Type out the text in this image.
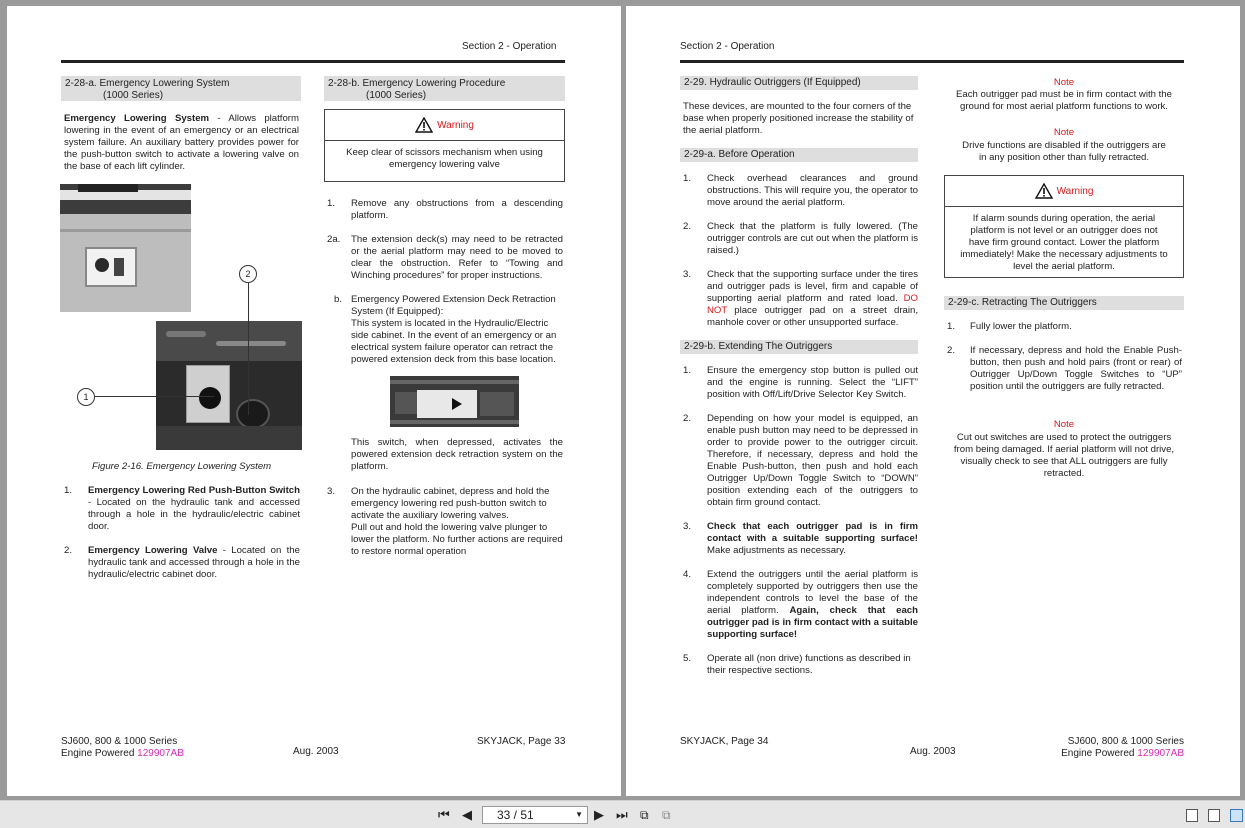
Section 2 - Operation
2-28-a. Emergency Lowering System
(1000 Series)
Emergency Lowering System - Allows platform lowering in the event of an emergency or an electrical system failure. An auxiliary battery provides power for the push-button switch to activate a lowering valve on the base of each lift cylinder.
2
1
Figure 2-16. Emergency Lowering System
1. Emergency Lowering Red Push-Button Switch - Located on the hydraulic tank and accessed through a hole in the hydraulic/electric cabinet door.
2. Emergency Lowering Valve - Located on the hydraulic tank and accessed through a hole in the hydraulic/electric cabinet door.
2-28-b. Emergency Lowering Procedure
(1000 Series)
Warning
Keep clear of scissors mechanism when using emergency lowering valve
1. Remove any obstructions from a descending platform.
2a. The extension deck(s) may need to be retracted or the aerial platform may need to be moved to clear the obstruction. Refer to “Towing and Winching procedures” for proper instructions.
b. Emergency Powered Extension Deck Retraction System (If Equipped):
This system is located in the Hydraulic/Electric side cabinet. In the event of an emergency or an electrical system failure operator can retract the powered extension deck from this base location.
This switch, when depressed, activates the powered extension deck retraction system on the platform.
3. On the hydraulic cabinet, depress and hold the emergency lowering red push-button switch to activate the auxiliary lowering valves.
Pull out and hold the lowering valve plunger to lower the platform. No further actions are required to restore normal operation
SJ600, 800 & 1000 Series
Engine Powered 129907AB	Aug. 2003
SKYJACK, Page 33
Section 2 - Operation
2-29. Hydraulic Outriggers (If Equipped)
These devices, are mounted to the four corners of the base when properly positioned increase the stability of the aerial platform.
2-29-a. Before Operation
1. Check overhead clearances and ground obstructions. This will require you, the operator to move around the aerial platform.
2. Check that the platform is fully lowered. (The outrigger controls are cut out when the platform is raised.)
3. Check that the supporting surface under the tires and outrigger pads is level, firm and capable of supporting aerial platform and rated load. DO NOT place outrigger pad on a street drain, manhole cover or other unsupported surface.
2-29-b. Extending The Outriggers
1. Ensure the emergency stop button is pulled out and the engine is running. Select the “LIFT” position with Off/Lift/Drive Selector Key Switch.
2. Depending on how your model is equipped, an enable push button may need to be depressed in order to provide power to the outrigger circuit. Therefore, if necessary, depress and hold the Enable Push-button, then push and hold each Outrigger Up/Down Toggle Switch to “DOWN” position extending each of the outriggers to obtain firm ground contact.
3. Check that each outrigger pad is in firm contact with a suitable supporting surface! Make adjustments as necessary.
4. Extend the outriggers until the aerial platform is completely supported by outriggers then use the independent controls to level the base of the aerial platform. Again, check that each outrigger pad is in firm contact with a suitable supporting surface!
5. Operate all (non drive) functions as described in their respective sections.
Note
Each outrigger pad must be in firm contact with the ground for most aerial platform functions to work.
Note
Drive functions are disabled if the outriggers are in any position other than fully retracted.
Warning
If alarm sounds during operation, the aerial platform is not level or an outrigger does not have firm ground contact. Lower the platform immediately! Make the necessary adjustments to level the aerial platform.
2-29-c. Retracting The Outriggers
1. Fully lower the platform.
2. If necessary, depress and hold the Enable Push-button, then push and hold pairs (front or rear) of Outrigger Up/Down Toggle Switches to “UP” position until the outriggers are fully retracted.
Note
Cut out switches are used to protect the outriggers from being damaged. If aerial platform will not drive, visually check to see that ALL outriggers are fully retracted.
SKYJACK, Page 34
Aug. 2003
SJ600, 800 & 1000 Series
Engine Powered 129907AB
⏮ ◀	33 / 51	▼ ▶ ⏭ ⧉ ⧉
